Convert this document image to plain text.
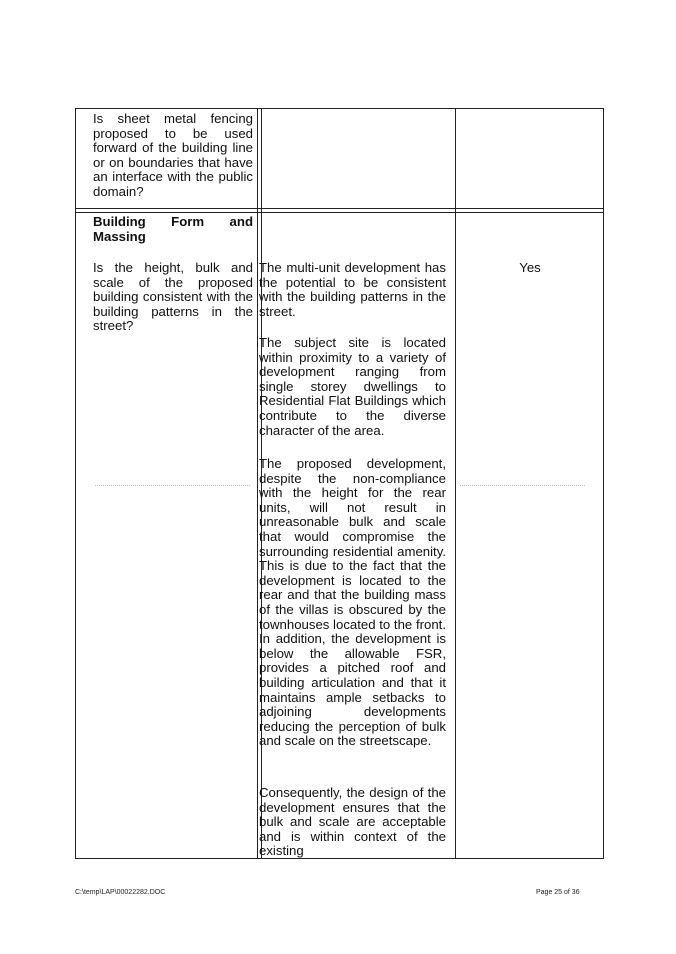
Is sheet metal fencing proposed to be used forward of the building line or on boundaries that have an interface with the public domain?
Building Form and Massing
Is the height, bulk and scale of the proposed building consistent with the building patterns in the street?
The multi-unit development has the potential to be consistent with the building patterns in the street.
The subject site is located within proximity to a variety of development ranging from single storey dwellings to Residential Flat Buildings which contribute to the diverse character of the area.
The proposed development, despite the non-compliance with the height for the rear units, will not result in unreasonable bulk and scale that would compromise the surrounding residential amenity. This is due to the fact that the development is located to the rear and that the building mass of the villas is obscured by the townhouses located to the front. In addition, the development is below the allowable FSR, provides a pitched roof and building articulation and that it maintains ample setbacks to adjoining developments reducing the perception of bulk and scale on the streetscape.
Consequently, the design of the development ensures that the bulk and scale are acceptable and is within context of the existing
Yes
C:\temp\LAP\00022282.DOC	Page 25 of 36
